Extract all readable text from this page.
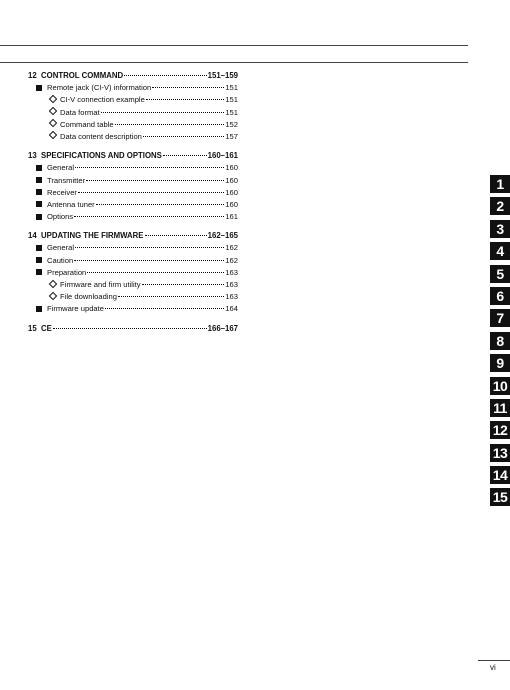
12 CONTROL COMMAND	151–159
Remote jack (CI-V) information	151
CI-V connection example	151
Data format	151
Command table	152
Data content description	157
13 SPECIFICATIONS AND OPTIONS	160–161
General	160
Transmitter	160
Receiver	160
Antenna tuner	160
Options	161
14 UPDATING THE FIRMWARE	162–165
General	162
Caution	162
Preparation	163
Firmware and firm utility	163
File downloading	163
Firmware update	164
15 CE	166–167
1
2
3
4
5
6
7
8
9
10
11
12
13
14
15
vi
